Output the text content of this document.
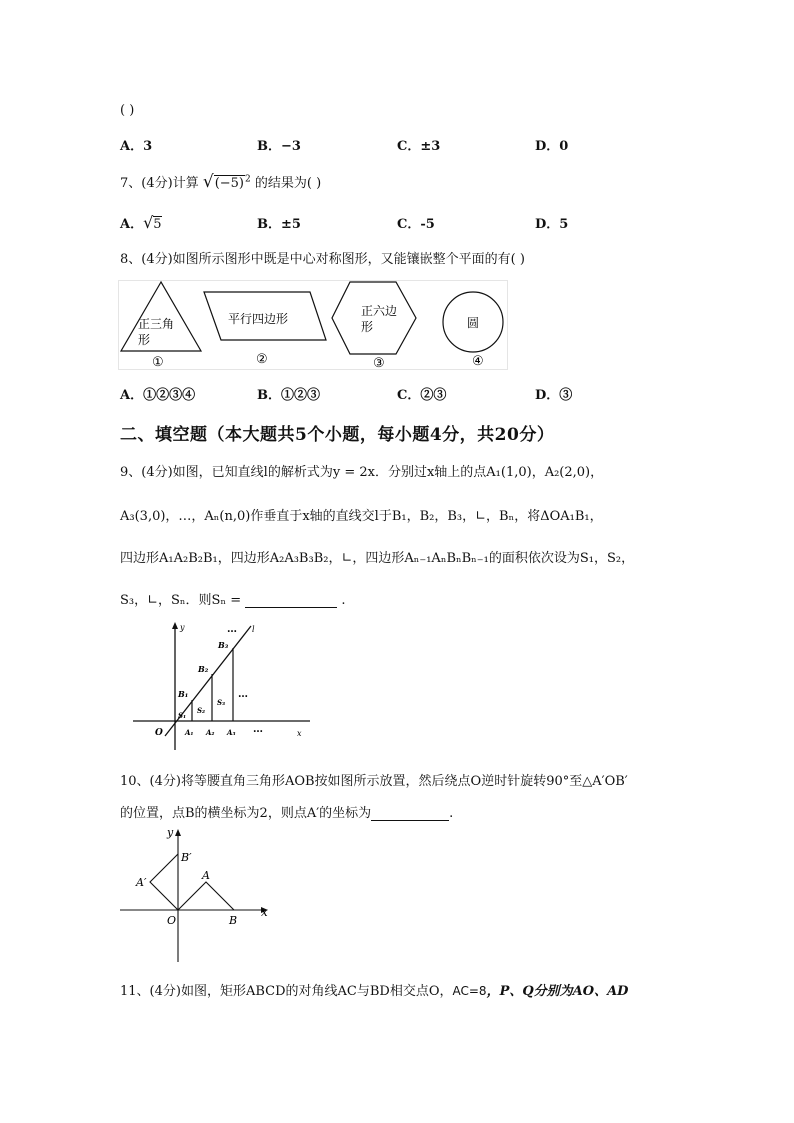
( )
A．3	B．−3	C．±3	D．0
7、(4分)计算 $√(-5)^2$ 的结果为( )
A．√5	B．±5	C．-5	D．5
8、(4分)如图所示图形中既是中心对称图形，又能镶嵌整个平面的有( )
正三角
形
①
平行四边形
②
正六边
形
③
圆
④
A．①②③④	B．①②③	C．②③	D．③
二、填空题（本大题共5个小题，每小题4分，共20分）
9、(4分)如图，已知直线l的解析式为y = 2x．分别过x轴上的点A₁(1,0)，A₂(2,0)，
A₃(3,0)，…，Aₙ(n,0)作垂直于x轴的直线交l于B₁，B₂，B₃，∟，Bₙ，将ΔOA₁B₁，
四边形A₁A₂B₂B₁，四边形A₂A₃B₃B₂，∟，四边形Aₙ₋₁AₙBₙBₙ₋₁的面积依次设为S₁，S₂，
S₃，∟，Sₙ．则Sₙ =	.
y
x
l
O
B₁
B₂
B₃
S₁
S₂
S₃
A₁ A₂ A₃ …
…
…
10、(4分)将等腰直角三角形AOB按如图所示放置，然后绕点O逆时针旋转90°至△A′OB′
的位置，点B的横坐标为2，则点A′的坐标为	.
y
x
B′
A′
A
O	B
11、(4分)如图，矩形ABCD的对角线AC与BD相交点O，AC=8，P、Q分别为AO、AD
